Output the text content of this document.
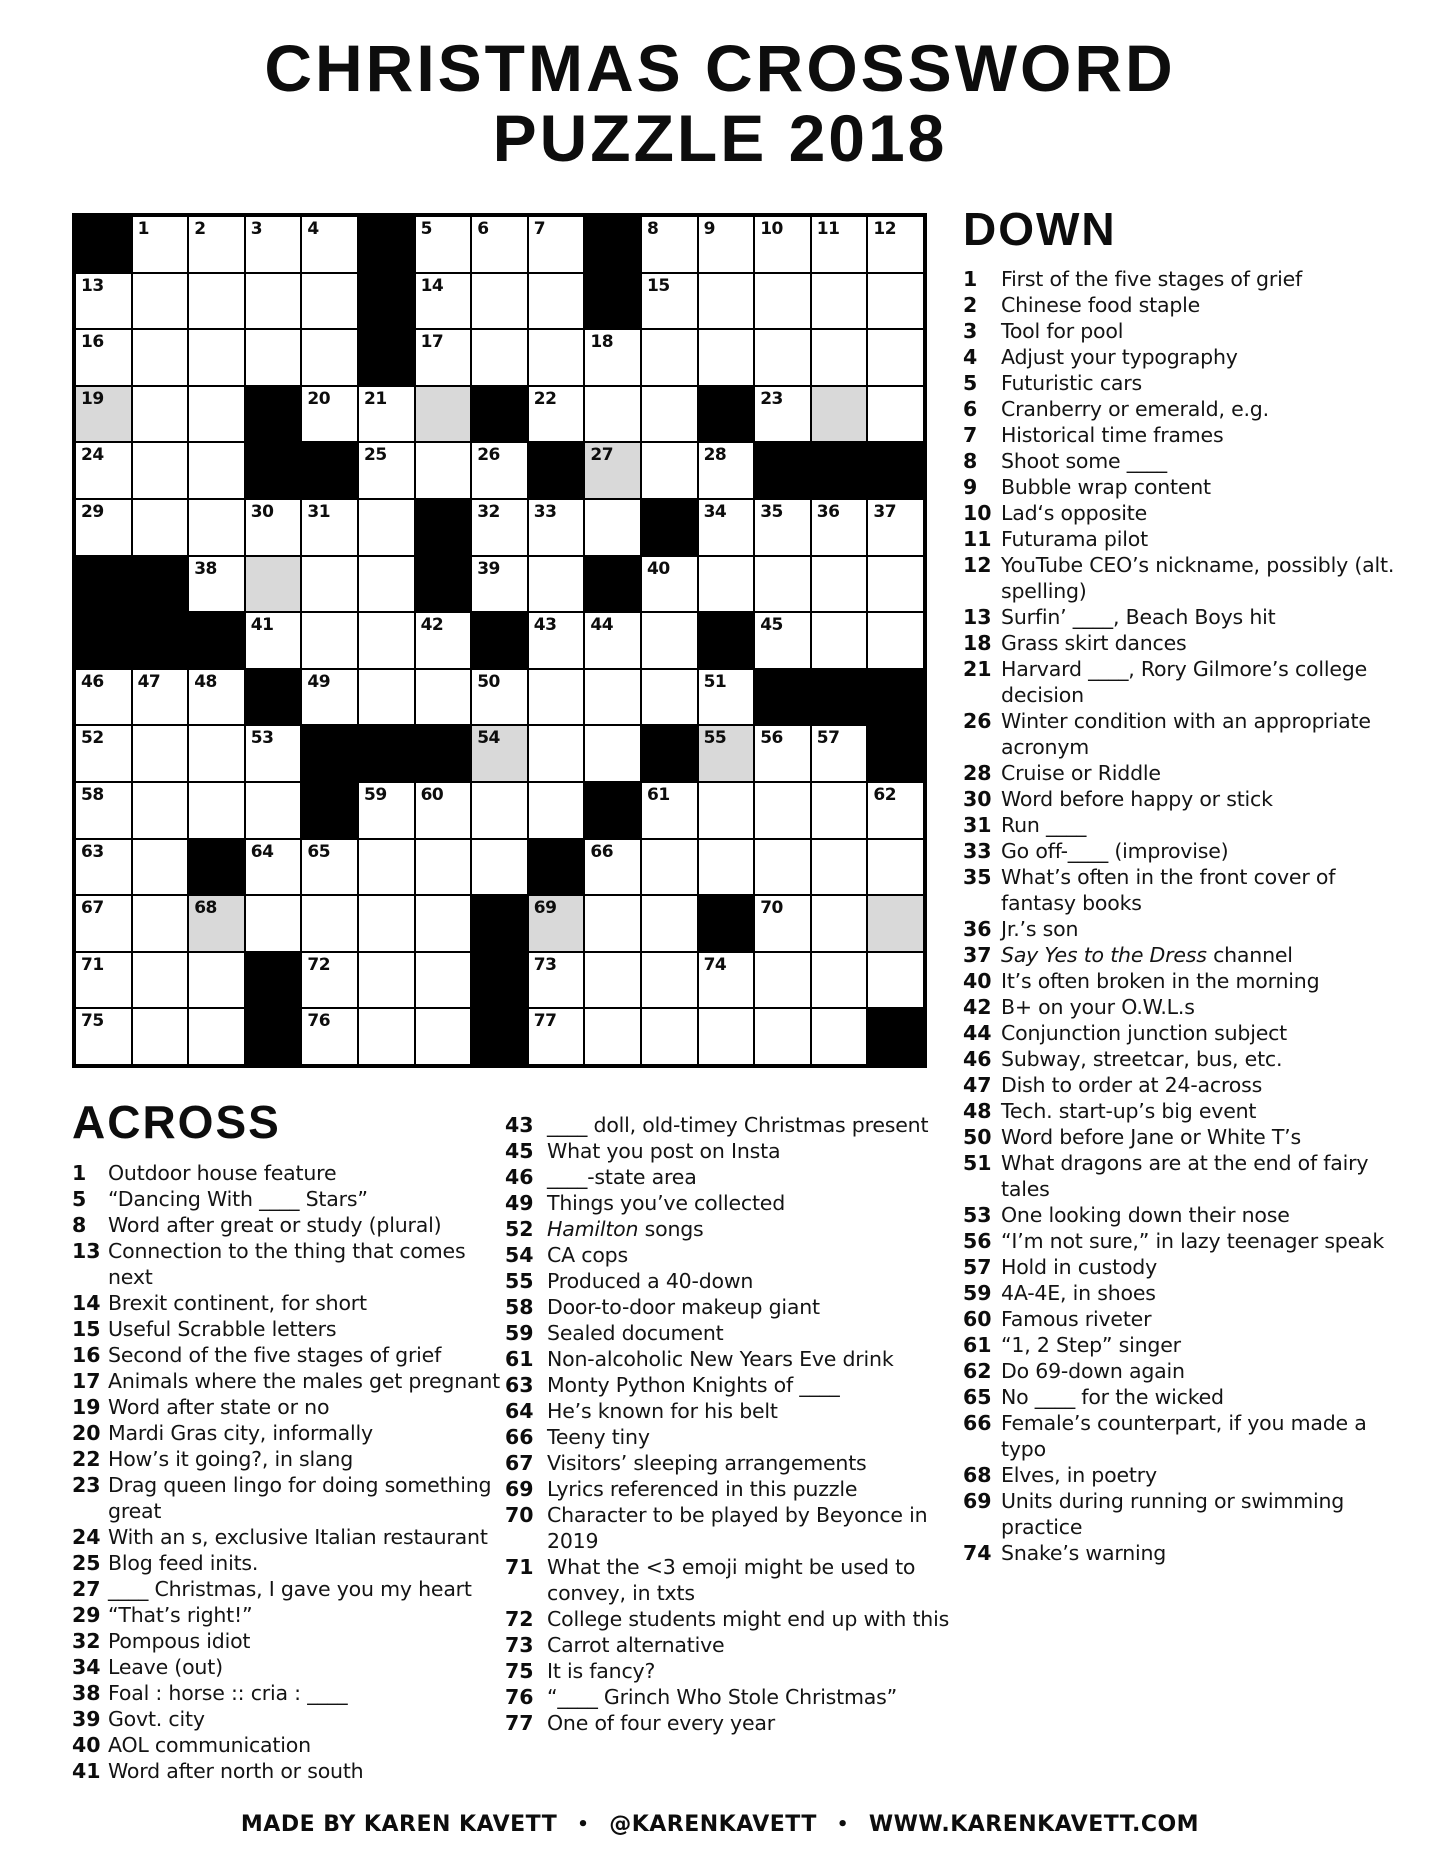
CHRISTMAS CROSSWORD
PUZZLE 2018
1	2	3	4	5	6	7	8	9	10 11 12
13	14	15
16	17	18
19	20 21	22	23
24	25	26	27	28
29	30 31	32 33	34 35 36 37
38	39	40
41	42	43 44	45
46 47 48	49	50	51
52	53	54	55 56 57
58	59 60	61	62
63	64 65	66
67	68	69	70
71	72	73	74
75	76	77
DOWN
1	First of the five stages of grief
2	Chinese food staple
3	Tool for pool
4	Adjust your typography
5	Futuristic cars
6	Cranberry or emerald, e.g.
7	Historical time frames
8	Shoot some ____
9	Bubble wrap content
10 Lad‘s opposite
11 Futurama pilot
12 YouTube CEO’s nickname, possibly (alt. spelling)
13 Surfin’ ____, Beach Boys hit
18 Grass skirt dances
21 Harvard ____, Rory Gilmore’s college decision
26 Winter condition with an appropriate acronym
28 Cruise or Riddle
30 Word before happy or stick
31 Run ____
33 Go off-____ (improvise)
35 What’s often in the front cover of fantasy books
36 Jr.’s son
37 Say Yes to the Dress channel
40 It’s often broken in the morning
42 B+ on your O.W.L.s
44 Conjunction junction subject
46 Subway, streetcar, bus, etc.
47 Dish to order at 24-across
48 Tech. start-up’s big event
50 Word before Jane or White T’s
51 What dragons are at the end of fairy tales
53 One looking down their nose
56 “I’m not sure,” in lazy teenager speak
57 Hold in custody
59 4A-4E, in shoes
60 Famous riveter
61 “1, 2 Step” singer
62 Do 69-down again
65 No ____ for the wicked
66 Female’s counterpart, if you made a typo
68 Elves, in poetry
69 Units during running or swimming practice
74 Snake’s warning
ACROSS
1	Outdoor house feature
5	“Dancing With ____ Stars”
8	Word after great or study (plural)
13 Connection to the thing that comes next
14 Brexit continent, for short
15 Useful Scrabble letters
16 Second of the five stages of grief
17 Animals where the males get pregnant
19 Word after state or no
20 Mardi Gras city, informally
22 How’s it going?, in slang
23 Drag queen lingo for doing something great
24 With an s, exclusive Italian restaurant
25 Blog feed inits.
27 ____ Christmas, I gave you my heart
29 “That’s right!”
32 Pompous idiot
34 Leave (out)
38 Foal : horse :: cria : ____
39 Govt. city
40 AOL communication
41 Word after north or south
43 ____ doll, old-timey Christmas present
45 What you post on Insta
46 ____-state area
49 Things you’ve collected
52 Hamilton songs
54 CA cops
55 Produced a 40-down
58 Door-to-door makeup giant
59 Sealed document
61 Non-alcoholic New Years Eve drink
63 Monty Python Knights of ____
64 He’s known for his belt
66 Teeny tiny
67 Visitors’ sleeping arrangements
69 Lyrics referenced in this puzzle
70 Character to be played by Beyonce in 2019
71 What the <3 emoji might be used to convey, in txts
72 College students might end up with this
73 Carrot alternative
75 It is fancy?
76 “____ Grinch Who Stole Christmas”
77 One of four every year
MADE BY KAREN KAVETT • @KARENKAVETT • WWW.KARENKAVETT.COM
